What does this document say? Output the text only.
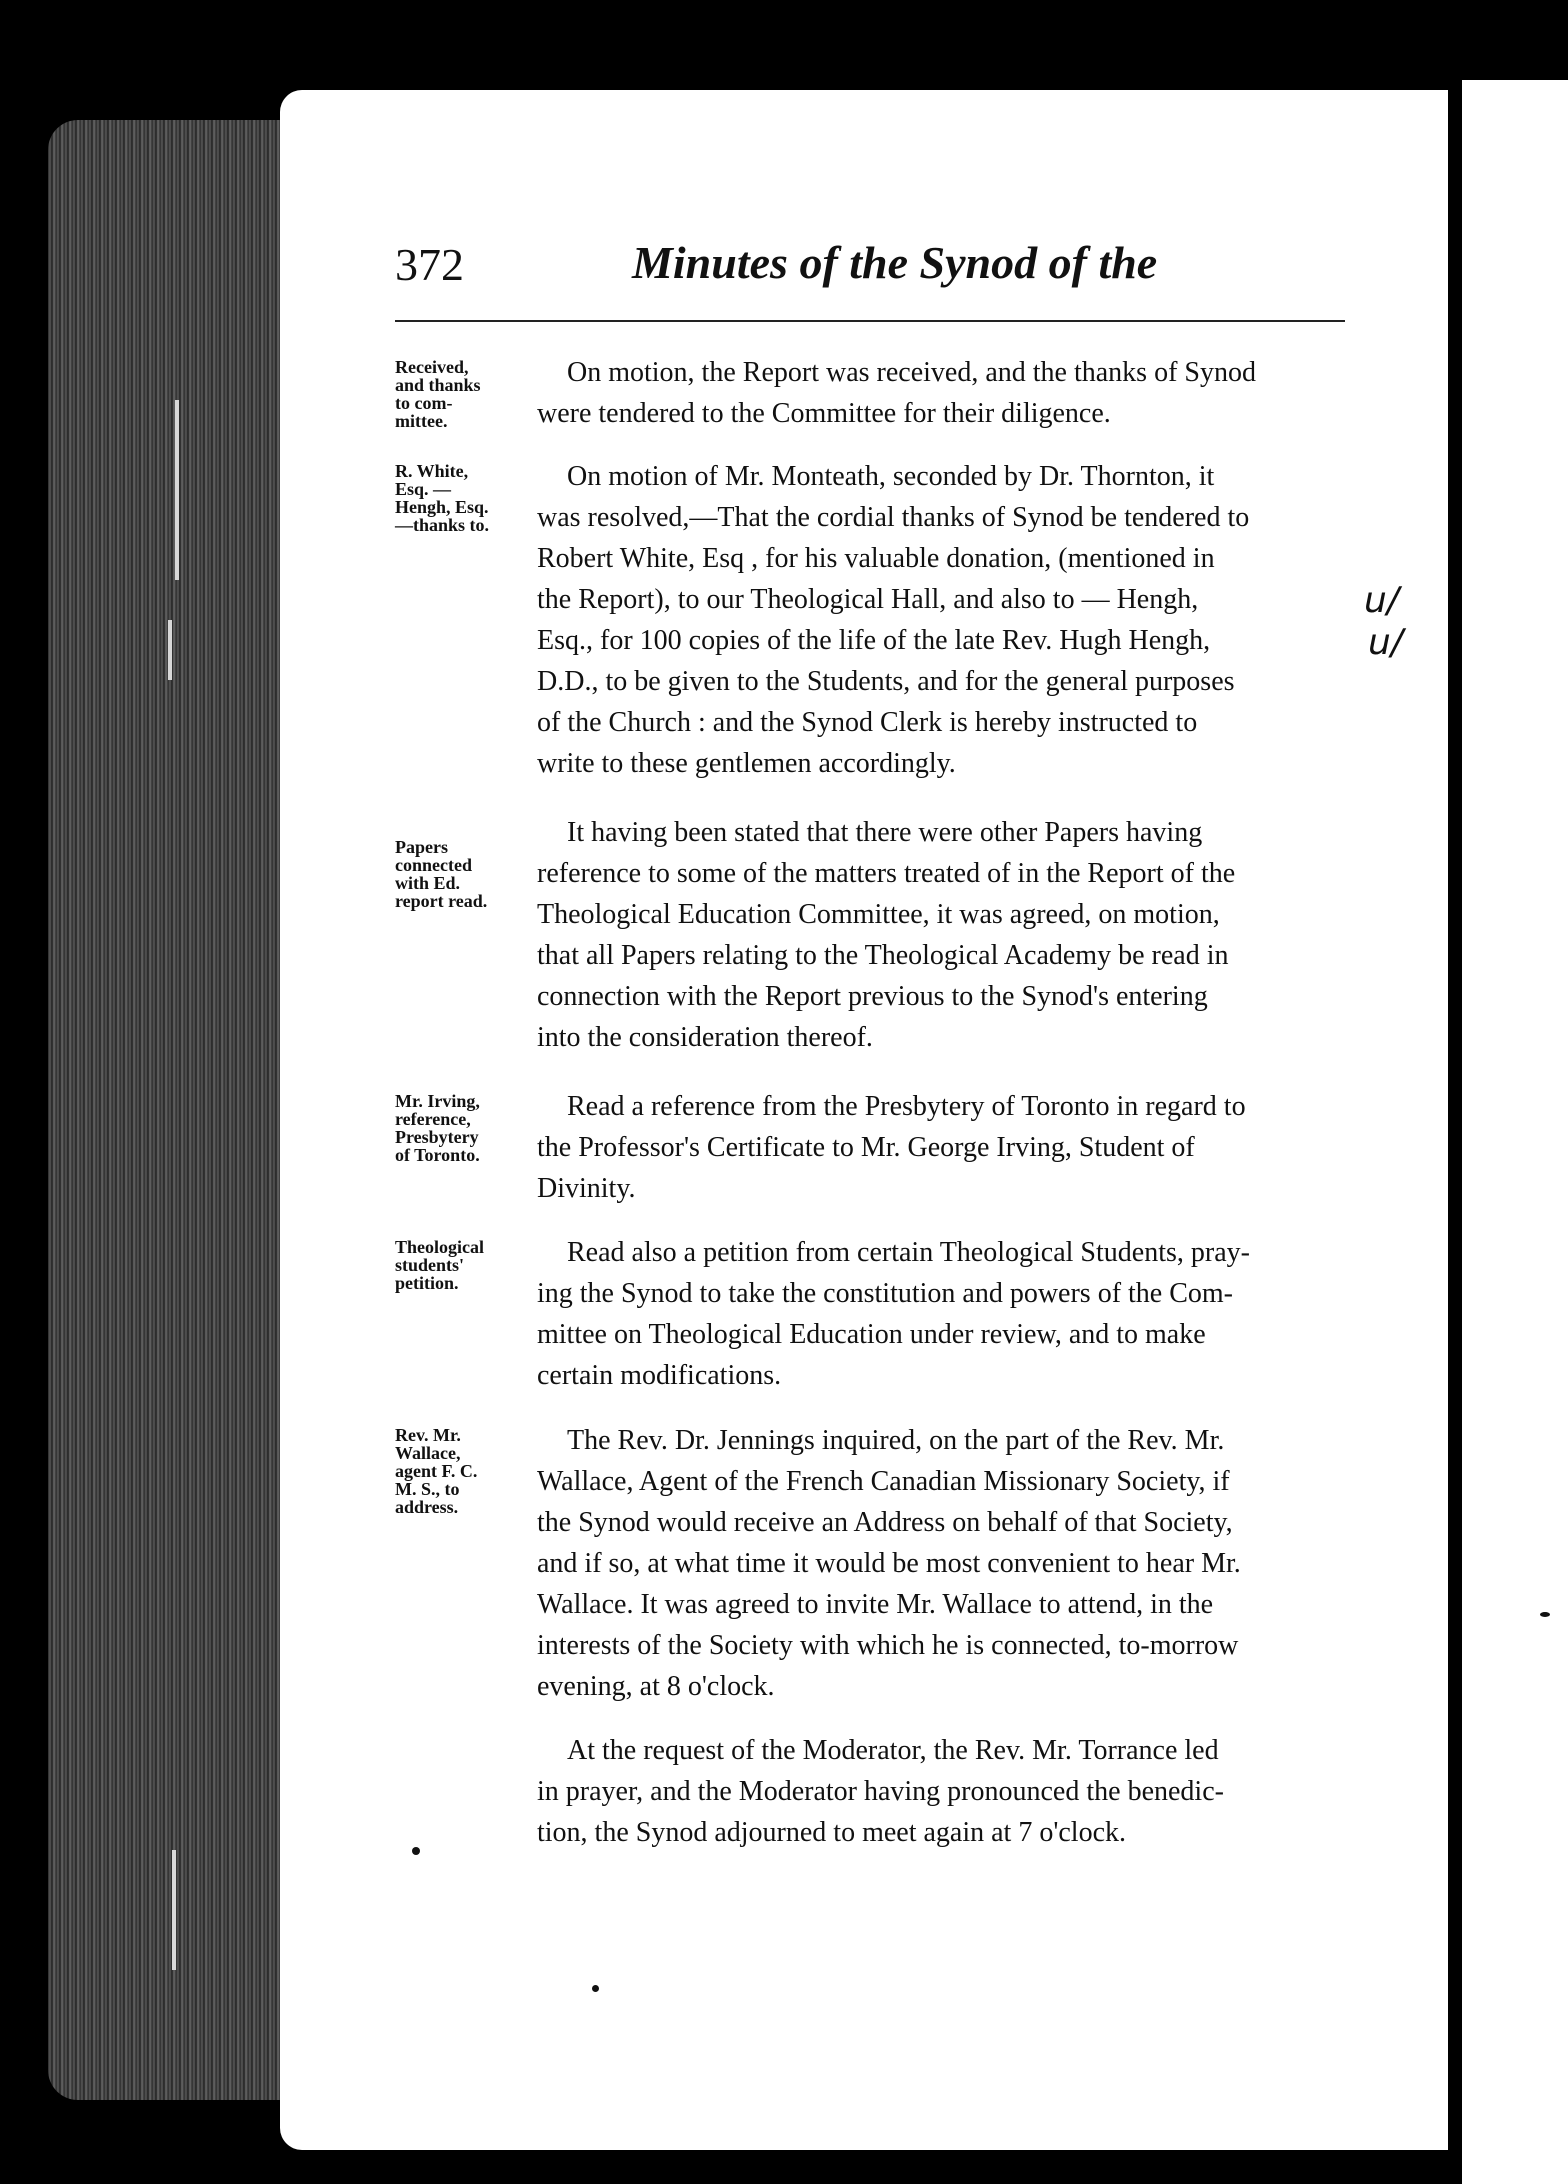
372	Minutes of the Synod of the
Received,
and thanks
to com-
mittee.
On motion, the Report was received, and the thanks of Synod
were tendered to the Committee for their diligence.
R. White,
Esq. —
Hengh, Esq.
—thanks to.
On motion of Mr. Monteath, seconded by Dr. Thornton, it
was resolved,—That the cordial thanks of Synod be tendered to
Robert White, Esq , for his valuable donation, (mentioned in
the Report), to our Theological Hall, and also to — Hengh,
Esq., for 100 copies of the life of the late Rev. Hugh Hengh,
D.D., to be given to the Students, and for the general purposes
of the Church : and the Synod Clerk is hereby instructed to
write to these gentlemen accordingly.
Papers
connected
with Ed.
report read.
It having been stated that there were other Papers having
reference to some of the matters treated of in the Report of the
Theological Education Committee, it was agreed, on motion,
that all Papers relating to the Theological Academy be read in
connection with the Report previous to the Synod's entering
into the consideration thereof.
Mr. Irving,
reference,
Presbytery
of Toronto.
Read a reference from the Presbytery of Toronto in regard to
the Professor's Certificate to Mr. George Irving, Student of
Divinity.
Theological
students'
petition.
Read also a petition from certain Theological Students, pray-
ing the Synod to take the constitution and powers of the Com-
mittee on Theological Education under review, and to make
certain modifications.
Rev. Mr.
Wallace,
agent F. C.
M. S., to
address.
The Rev. Dr. Jennings inquired, on the part of the Rev. Mr.
Wallace, Agent of the French Canadian Missionary Society, if
the Synod would receive an Address on behalf of that Society,
and if so, at what time it would be most convenient to hear Mr.
Wallace. It was agreed to invite Mr. Wallace to attend, in the
interests of the Society with which he is connected, to-morrow
evening, at 8 o'clock.
At the request of the Moderator, the Rev. Mr. Torrance led
in prayer, and the Moderator having pronounced the benedic-
tion, the Synod adjourned to meet again at 7 o'clock.
u/
u/
